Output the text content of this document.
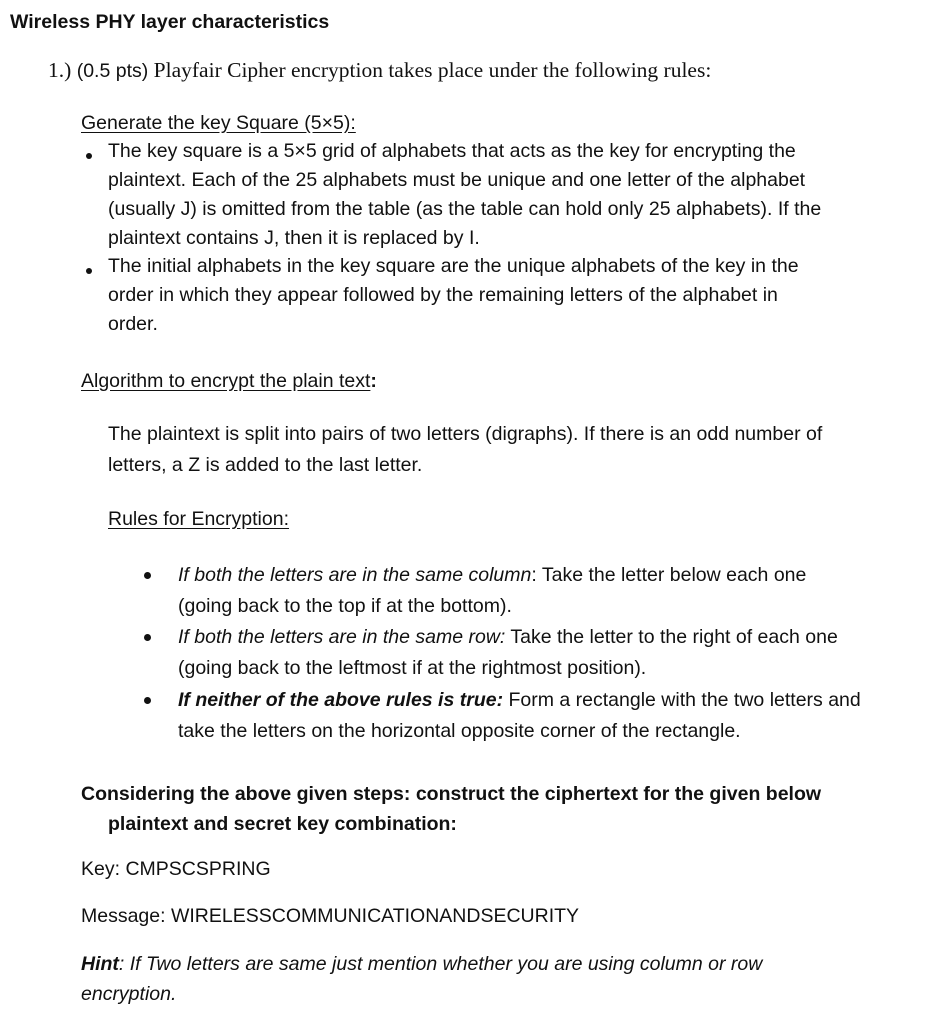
Wireless PHY layer characteristics
1.) (0.5 pts) Playfair Cipher encryption takes place under the following rules:
Generate the key Square (5×5):
The key square is a 5×5 grid of alphabets that acts as the key for encrypting the
plaintext. Each of the 25 alphabets must be unique and one letter of the alphabet
(usually J) is omitted from the table (as the table can hold only 25 alphabets). If the
plaintext contains J, then it is replaced by I.
The initial alphabets in the key square are the unique alphabets of the key in the
order in which they appear followed by the remaining letters of the alphabet in
order.
Algorithm to encrypt the plain text:
The plaintext is split into pairs of two letters (digraphs). If there is an odd number of
letters, a Z is added to the last letter.
Rules for Encryption:
If both the letters are in the same column: Take the letter below each one
(going back to the top if at the bottom).
If both the letters are in the same row: Take the letter to the right of each one
(going back to the leftmost if at the rightmost position).
If neither of the above rules is true: Form a rectangle with the two letters and
take the letters on the horizontal opposite corner of the rectangle.
Considering the above given steps: construct the ciphertext for the given below
plaintext and secret key combination:
Key: CMPSCSPRING
Message: WIRELESSCOMMUNICATIONANDSECURITY
Hint: If Two letters are same just mention whether you are using column or row
encryption.
